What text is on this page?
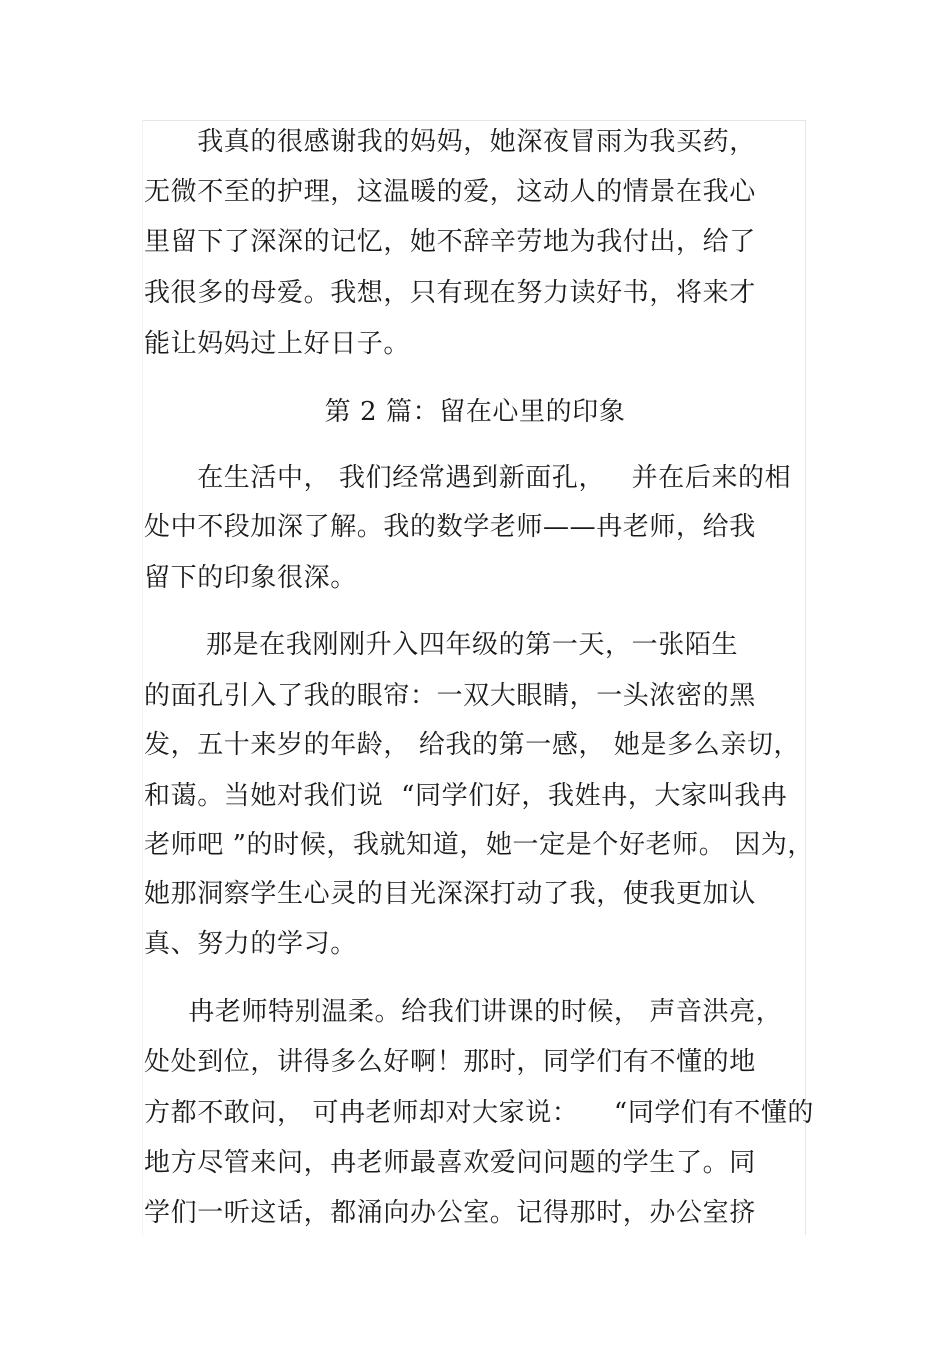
我真的很感谢我的妈妈，她深夜冒雨为我买药，
无微不至的护理，这温暖的爱，这动人的情景在我心
里留下了深深的记忆，她不辞辛劳地为我付出，给了
我很多的母爱。我想，只有现在努力读好书，将来才
能让妈妈过上好日子。
第 2 篇：留在心里的印象
在生活中， 我们经常遇到新面孔，   并在后来的相
处中不段加深了解。我的数学老师——冉老师，给我
留下的印象很深。
那是在我刚刚升入四年级的第一天，一张陌生
的面孔引入了我的眼帘：一双大眼睛，一头浓密的黑
发，五十来岁的年龄， 给我的第一感， 她是多么亲切，
和蔼。当她对我们说  “同学们好，我姓冉，大家叫我冉
老师吧 ”的时候，我就知道，她一定是个好老师。 因为，
她那洞察学生心灵的目光深深打动了我，使我更加认
真、努力的学习。
冉老师特别温柔。给我们讲课的时候， 声音洪亮，
处处到位，讲得多么好啊！那时，同学们有不懂的地
方都不敢问， 可冉老师却对大家说：    “同学们有不懂的
地方尽管来问，冉老师最喜欢爱问问题的学生了。同
学们一听这话，都涌向办公室。记得那时，办公室挤
